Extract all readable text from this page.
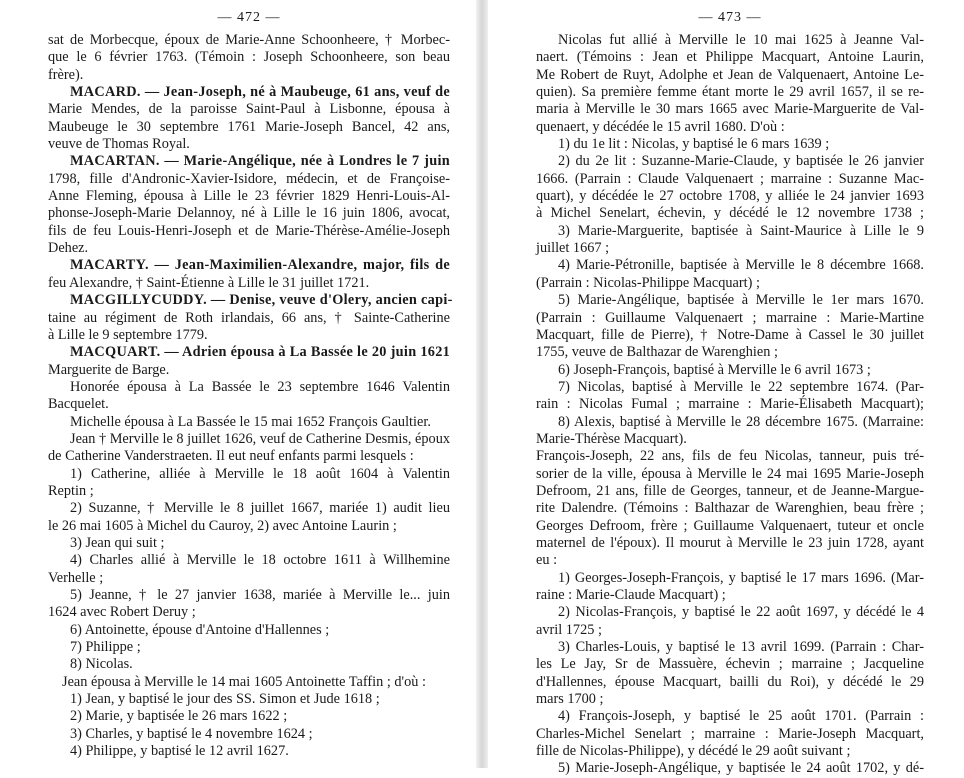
— 472 —
sat de Morbecque, époux de Marie-Anne Schoonheere, † Morbec-
que le 6 février 1763. (Témoin : Joseph Schoonheere, son beau
frère).
MACARD. — Jean-Joseph, né à Maubeuge, 61 ans, veuf de
Marie Mendes, de la paroisse Saint-Paul à Lisbonne, épousa à
Maubeuge le 30 septembre 1761 Marie-Joseph Bancel, 42 ans,
veuve de Thomas Royal.
MACARTAN. — Marie-Angélique, née à Londres le 7 juin
1798, fille d'Andronic-Xavier-Isidore, médecin, et de Françoise-
Anne Fleming, épousa à Lille le 23 février 1829 Henri-Louis-Al-
phonse-Joseph-Marie Delannoy, né à Lille le 16 juin 1806, avocat,
fils de feu Louis-Henri-Joseph et de Marie-Thérèse-Amélie-Joseph
Dehez.
MACARTY. — Jean-Maximilien-Alexandre, major, fils de
feu Alexandre, † Saint-Étienne à Lille le 31 juillet 1721.
MACGILLYCUDDY. — Denise, veuve d'Olery, ancien capi-
taine au régiment de Roth irlandais, 66 ans, † Sainte-Catherine
à Lille le 9 septembre 1779.
MACQUART. — Adrien épousa à La Bassée le 20 juin 1621
Marguerite de Barge.
Honorée épousa à La Bassée le 23 septembre 1646 Valentin
Bacquelet.
Michelle épousa à La Bassée le 15 mai 1652 François Gaultier.
Jean † Merville le 8 juillet 1626, veuf de Catherine Desmis, époux
de Catherine Vanderstraeten. Il eut neuf enfants parmi lesquels :
1) Catherine, alliée à Merville le 18 août 1604 à Valentin
Reptin ;
2) Suzanne, † Merville le 8 juillet 1667, mariée 1) audit lieu
le 26 mai 1605 à Michel du Cauroy, 2) avec Antoine Laurin ;
3) Jean qui suit ;
4) Charles allié à Merville le 18 octobre 1611 à Willhemine
Verhelle ;
5) Jeanne, † le 27 janvier 1638, mariée à Merville le... juin
1624 avec Robert Deruy ;
6) Antoinette, épouse d'Antoine d'Hallennes ;
7) Philippe ;
8) Nicolas.
Jean épousa à Merville le 14 mai 1605 Antoinette Taffin ; d'où :
1) Jean, y baptisé le jour des SS. Simon et Jude 1618 ;
2) Marie, y baptisée le 26 mars 1622 ;
3) Charles, y baptisé le 4 novembre 1624 ;
4) Philippe, y baptisé le 12 avril 1627.
— 473 —
Nicolas fut allié à Merville le 10 mai 1625 à Jeanne Val-
naert. (Témoins : Jean et Philippe Macquart, Antoine Laurin,
Me Robert de Ruyt, Adolphe et Jean de Valquenaert, Antoine Le-
quien). Sa première femme étant morte le 29 avril 1657, il se re-
maria à Merville le 30 mars 1665 avec Marie-Marguerite de Val-
quenaert, y décédée le 15 avril 1680. D'où :
1) du 1e lit : Nicolas, y baptisé le 6 mars 1639 ;
2) du 2e lit : Suzanne-Marie-Claude, y baptisée le 26 janvier
1666. (Parrain : Claude Valquenaert ; marraine : Suzanne Mac-
quart), y décédée le 27 octobre 1708, y alliée le 24 janvier 1693
à Michel Senelart, échevin, y décédé le 12 novembre 1738 ;
3) Marie-Marguerite, baptisée à Saint-Maurice à Lille le 9
juillet 1667 ;
4) Marie-Pétronille, baptisée à Merville le 8 décembre 1668.
(Parrain : Nicolas-Philippe Macquart) ;
5) Marie-Angélique, baptisée à Merville le 1er mars 1670.
(Parrain : Guillaume Valquenaert ; marraine : Marie-Martine
Macquart, fille de Pierre), † Notre-Dame à Cassel le 30 juillet
1755, veuve de Balthazar de Warenghien ;
6) Joseph-François, baptisé à Merville le 6 avril 1673 ;
7) Nicolas, baptisé à Merville le 22 septembre 1674. (Par-
rain : Nicolas Fumal ; marraine : Marie-Élisabeth Macquart);
8) Alexis, baptisé à Merville le 28 décembre 1675. (Marraine:
Marie-Thérèse Macquart).
François-Joseph, 22 ans, fils de feu Nicolas, tanneur, puis tré-
sorier de la ville, épousa à Merville le 24 mai 1695 Marie-Joseph
Defroom, 21 ans, fille de Georges, tanneur, et de Jeanne-Margue-
rite Dalendre. (Témoins : Balthazar de Warenghien, beau frère ;
Georges Defroom, frère ; Guillaume Valquenaert, tuteur et oncle
maternel de l'époux). Il mourut à Merville le 23 juin 1728, ayant
eu :
1) Georges-Joseph-François, y baptisé le 17 mars 1696. (Mar-
raine : Marie-Claude Macquart) ;
2) Nicolas-François, y baptisé le 22 août 1697, y décédé le 4
avril 1725 ;
3) Charles-Louis, y baptisé le 13 avril 1699. (Parrain : Char-
les Le Jay, Sr de Massuère, échevin ; marraine ; Jacqueline
d'Hallennes, épouse Macquart, bailli du Roi), y décédé le 29
mars 1700 ;
4) François-Joseph, y baptisé le 25 août 1701. (Parrain :
Charles-Michel Senelart ; marraine : Marie-Joseph Macquart,
fille de Nicolas-Philippe), y décédé le 29 août suivant ;
5) Marie-Joseph-Angélique, y baptisée le 24 août 1702, y dé-
